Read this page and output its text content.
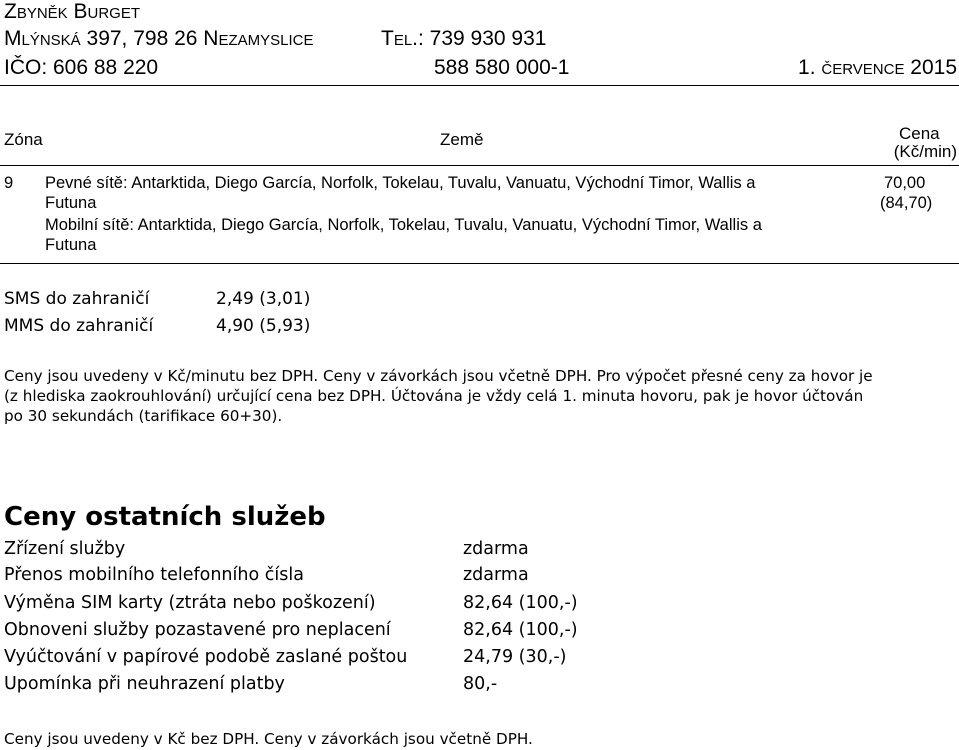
Zbyněk Burget
Mlýnská 397, 798 26 Nezamyslice	Tel.: 739 930 931
IČO: 606 88 220	588 580 000-1	1. července 2015
Zóna	Země	Cena
(Kč/min)
9 Pevné sítě: Antarktida, Diego García, Norfolk, Tokelau, Tuvalu, Vanuatu, Východní Timor, Wallis a
Futuna
Mobilní sítě: Antarktida, Diego García, Norfolk, Tokelau, Tuvalu, Vanuatu, Východní Timor, Wallis a
Futuna
70,00
(84,70)
SMS do zahraničí	2,49 (3,01)
MMS do zahraničí	4,90 (5,93)
Ceny jsou uvedeny v Kč/minutu bez DPH. Ceny v závorkách jsou včetně DPH. Pro výpočet přesné ceny za hovor je
(z hlediska zaokrouhlování) určující cena bez DPH. Účtována je vždy celá 1. minuta hovoru, pak je hovor účtován
po 30 sekundách (tarifikace 60+30).
Ceny ostatních služeb
Zřízení služby	zdarma
Přenos mobilního telefonního čísla	zdarma
Výměna SIM karty (ztráta nebo poškození)	82,64 (100,-)
Obnoveni služby pozastavené pro neplacení	82,64 (100,-)
Vyúčtování v papírové podobě zaslané poštou	24,79 (30,-)
Upomínka při neuhrazení platby	80,-
Ceny jsou uvedeny v Kč bez DPH. Ceny v závorkách jsou včetně DPH.
